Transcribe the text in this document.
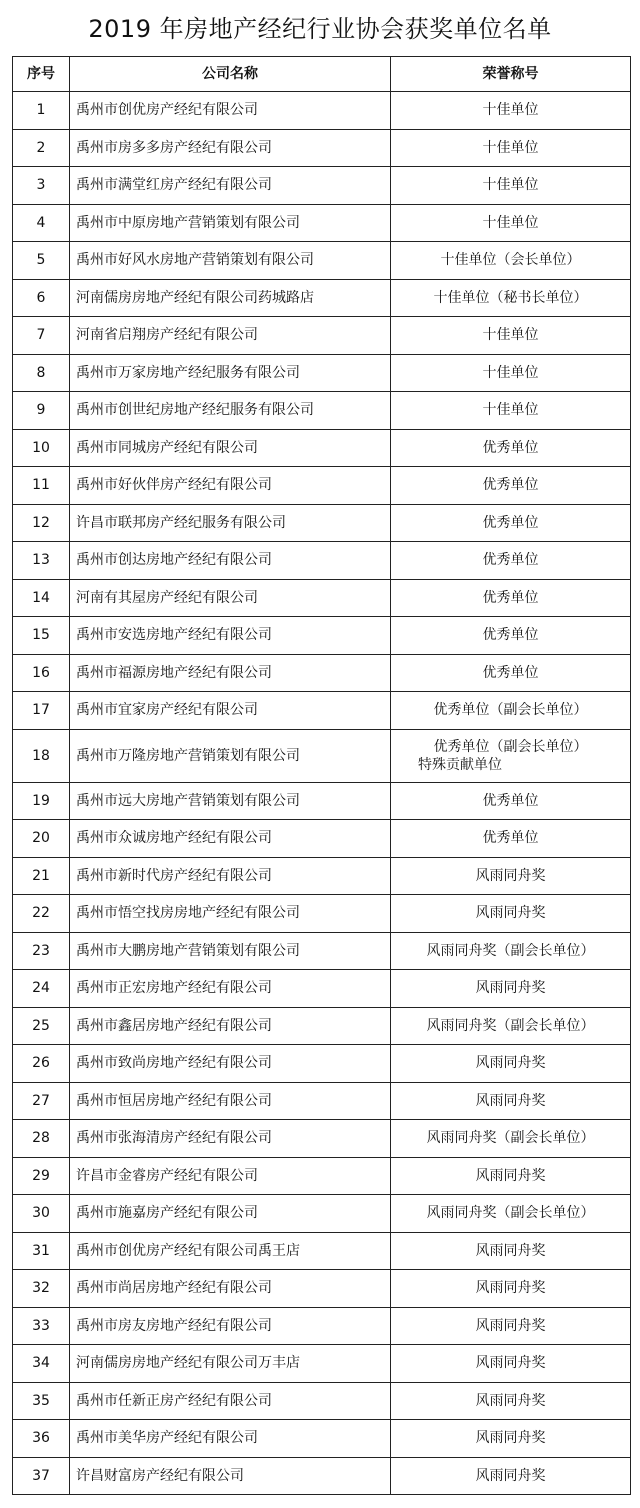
2019 年房地产经纪行业协会获奖单位名单
序号	公司名称	荣誉称号
1	禹州市创优房产经纪有限公司	十佳单位

2	禹州市房多多房产经纪有限公司	十佳单位

3	禹州市满堂红房产经纪有限公司	十佳单位

4	禹州市中原房地产营销策划有限公司	十佳单位

5	禹州市好风水房地产营销策划有限公司	十佳单位（会长单位）

6	河南儒房房地产经纪有限公司药城路店	十佳单位（秘书长单位）

7	河南省启翔房产经纪有限公司	十佳单位

8	禹州市万家房地产经纪服务有限公司	十佳单位

9	禹州市创世纪房地产经纪服务有限公司	十佳单位

10	禹州市同城房产经纪有限公司	优秀单位

11	禹州市好伙伴房产经纪有限公司	优秀单位

12	许昌市联邦房产经纪服务有限公司	优秀单位

13	禹州市创达房地产经纪有限公司	优秀单位

14	河南有其屋房产经纪有限公司	优秀单位

15	禹州市安选房地产经纪有限公司	优秀单位

16	禹州市福源房地产经纪有限公司	优秀单位

17	禹州市宜家房产经纪有限公司	优秀单位（副会长单位）

18	禹州市万隆房地产营销策划有限公司	优秀单位（副会长单位）
特殊贡献单位

19	禹州市远大房地产营销策划有限公司	优秀单位

20	禹州市众诚房地产经纪有限公司	优秀单位

21	禹州市新时代房产经纪有限公司	风雨同舟奖

22	禹州市悟空找房房地产经纪有限公司	风雨同舟奖

23	禹州市大鹏房地产营销策划有限公司	风雨同舟奖（副会长单位）

24	禹州市正宏房地产经纪有限公司	风雨同舟奖

25	禹州市鑫居房地产经纪有限公司	风雨同舟奖（副会长单位）

26	禹州市致尚房地产经纪有限公司	风雨同舟奖

27	禹州市恒居房地产经纪有限公司	风雨同舟奖

28	禹州市张海清房产经纪有限公司	风雨同舟奖（副会长单位）

29	许昌市金睿房产经纪有限公司	风雨同舟奖

30	禹州市施嘉房产经纪有限公司	风雨同舟奖（副会长单位）

31	禹州市创优房产经纪有限公司禹王店	风雨同舟奖

32	禹州市尚居房地产经纪有限公司	风雨同舟奖

33	禹州市房友房地产经纪有限公司	风雨同舟奖

34	河南儒房房地产经纪有限公司万丰店	风雨同舟奖

35	禹州市任新正房产经纪有限公司	风雨同舟奖

36	禹州市美华房产经纪有限公司	风雨同舟奖

37	许昌财富房产经纪有限公司	风雨同舟奖
